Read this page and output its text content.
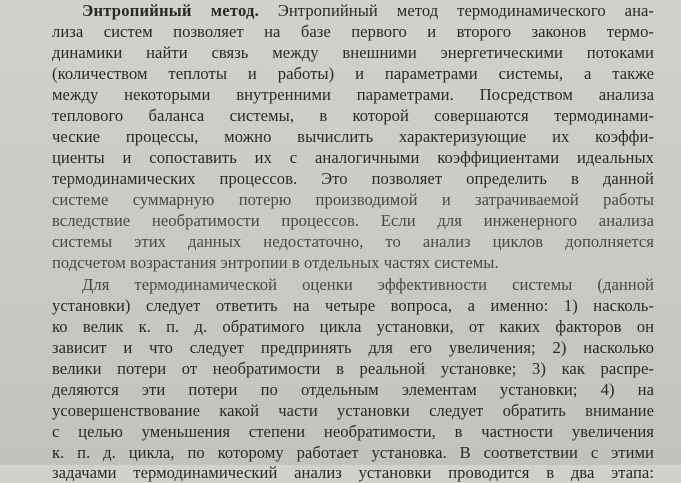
Энтропийный метод. Энтропийный метод термодинамического ана-
лиза систем позволяет на базе первого и второго законов термо-
динамики найти связь между внешними энергетическими потоками
(количеством теплоты и работы) и параметрами системы, а также
между некоторыми внутренними параметрами. Посредством анализа
теплового баланса системы, в которой совершаются термодинами-
ческие процессы, можно вычислить характеризующие их коэффи-
циенты и сопоставить их с аналогичными коэффициентами идеальных
термодинамических процессов. Это позволяет определить в данной
системе суммарную потерю производимой и затрачиваемой работы
вследствие необратимости процессов. Если для инженерного анализа
системы этих данных недостаточно, то анализ циклов дополняется
подсчетом возрастания энтропии в отдельных частях системы.
Для термодинамической оценки эффективности системы (данной
установки) следует ответить на четыре вопроса, а именно: 1) насколь-
ко велик к. п. д. обратимого цикла установки, от каких факторов он
зависит и что следует предпринять для его увеличения; 2) насколько
велики потери от необратимости в реальной установке; 3) как распре-
деляются эти потери по отдельным элементам установки; 4) на
усовершенствование какой части установки следует обратить внимание
с целью уменьшения степени необратимости, в частности увеличения
к. п. д. цикла, по которому работает установка. В соответствии с этими
задачами термодинамический анализ установки проводится в два этапа:
